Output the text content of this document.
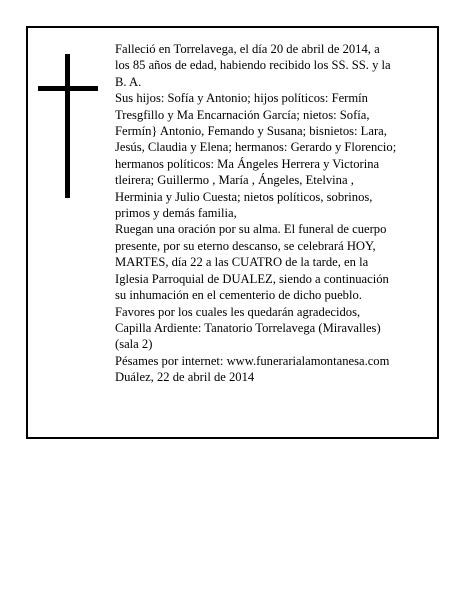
Falleció en Torrelavega, el día 20 de abril de 2014, a
los 85 años de edad, habiendo recibido los SS. SS. y la
B. A.

Sus hijos: Sofía y Antonio; hijos políticos: Fermín
Tresgfillo y Ma Encarnación García; nietos: Sofía,
Fermín} Antonio, Femando y Susana; bisnietos: Lara,
Jesús, Claudia y Elena; hermanos: Gerardo y Florencio;
hermanos políticos: Ma Ángeles Herrera y Victorina
tleirera; Guillermo , María , Ángeles, Etelvina ,
Herminia y Julio Cuesta; nietos políticos, sobrinos,
primos y demás familia,

Ruegan una oración por su alma. El funeral de cuerpo
presente, por su eterno descanso, se celebrará HOY,
MARTES, día 22 a las CUATRO de la tarde, en la
Iglesia Parroquial de DUALEZ, siendo a continuación
su inhumación en el cementerio de dicho pueblo.

Favores por los cuales les quedarán agradecidos,

Capilla Ardiente: Tanatorio Torrelavega (Miravalles)
(sala 2)

Pésames por internet: www.funerarialamontanesa.com

Duález, 22 de abril de 2014
